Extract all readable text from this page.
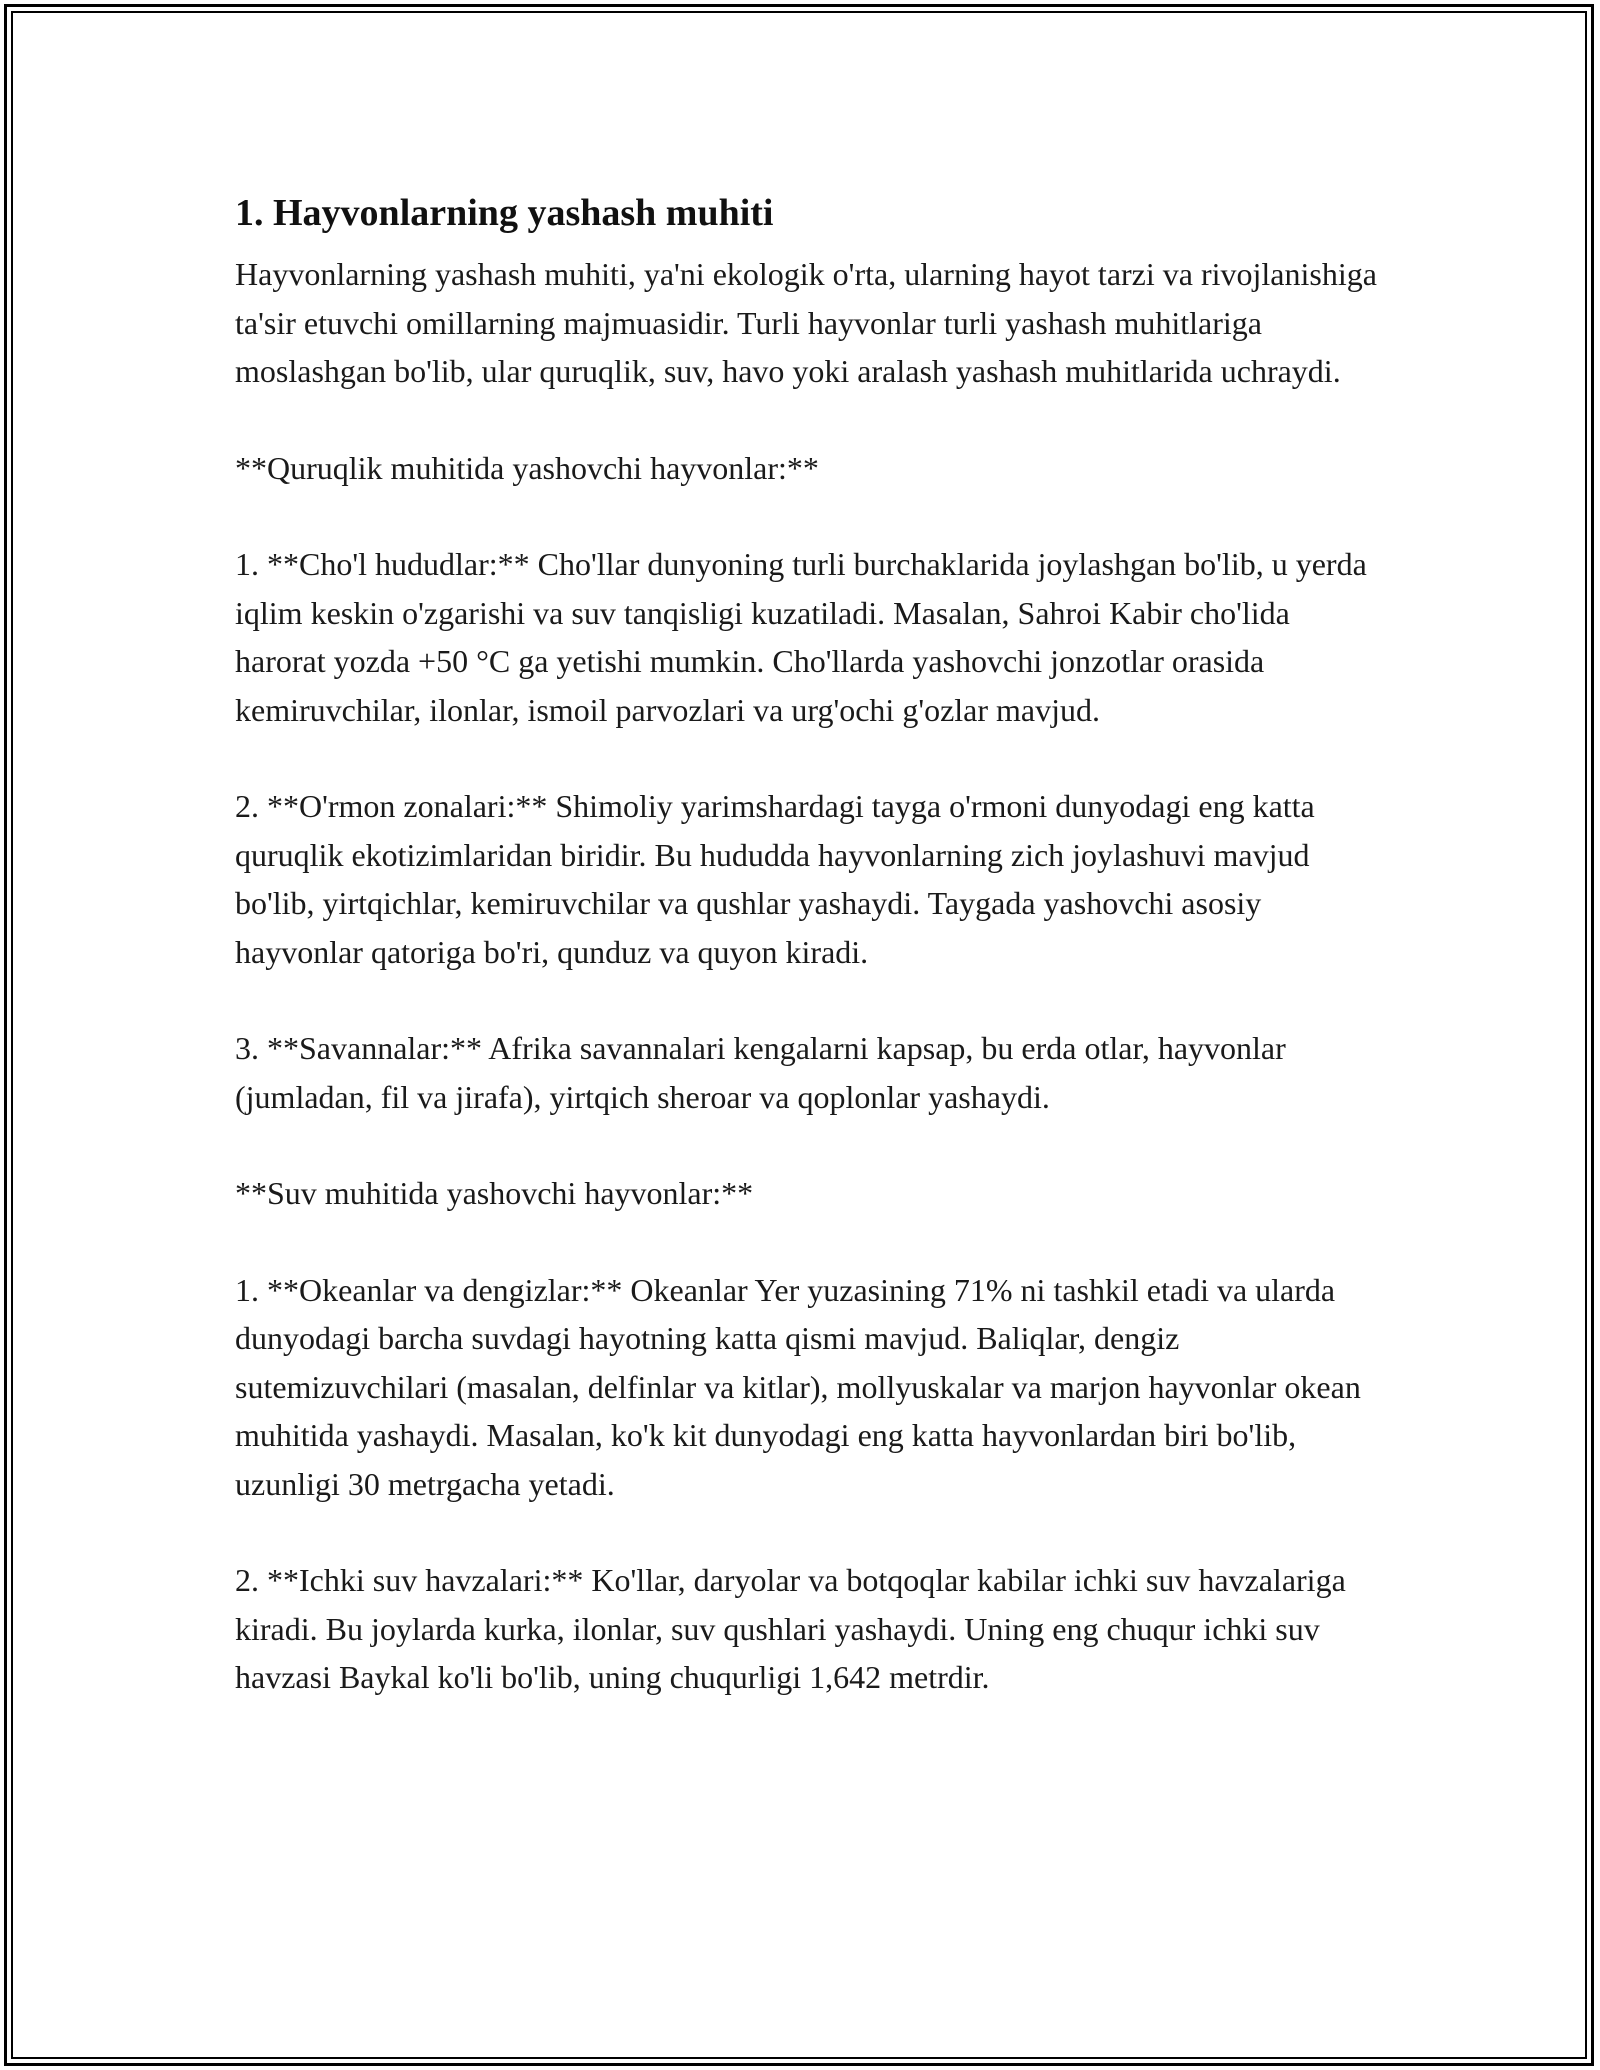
1. Hayvonlarning yashash muhiti

Hayvonlarning yashash muhiti, ya'ni ekologik o'rta, ularning hayot tarzi va rivojlanishiga ta'sir etuvchi omillarning majmuasidir. Turli hayvonlar turli yashash muhitlariga moslashgan bo'lib, ular quruqlik, suv, havo yoki aralash yashash muhitlarida uchraydi.

**Quruqlik muhitida yashovchi hayvonlar:**

1. **Cho'l hududlar:** Cho'llar dunyoning turli burchaklarida joylashgan bo'lib, u yerda iqlim keskin o'zgarishi va suv tanqisligi kuzatiladi. Masalan, Sahroi Kabir cho'lida harorat yozda +50 °C ga yetishi mumkin. Cho'llarda yashovchi jonzotlar orasida kemiruvchilar, ilonlar, ismoil parvozlari va urg'ochi g'ozlar mavjud.

2. **O'rmon zonalari:** Shimoliy yarimshardagi tayga o'rmoni dunyodagi eng katta quruqlik ekotizimlaridan biridir. Bu hududda hayvonlarning zich joylashuvi mavjud bo'lib, yirtqichlar, kemiruvchilar va qushlar yashaydi. Taygada yashovchi asosiy hayvonlar qatoriga bo'ri, qunduz va quyon kiradi.

3. **Savannalar:** Afrika savannalari kengalarni kapsap, bu erda otlar, hayvonlar (jumladan, fil va jirafa), yirtqich sheroar va qoplonlar yashaydi.

**Suv muhitida yashovchi hayvonlar:**

1. **Okeanlar va dengizlar:** Okeanlar Yer yuzasining 71% ni tashkil etadi va ularda dunyodagi barcha suvdagi hayotning katta qismi mavjud. Baliqlar, dengiz sutemizuvchilari (masalan, delfinlar va kitlar), mollyuskalar va marjon hayvonlar okean muhitida yashaydi. Masalan, ko'k kit dunyodagi eng katta hayvonlardan biri bo'lib, uzunligi 30 metrgacha yetadi.

2. **Ichki suv havzalari:** Ko'llar, daryolar va botqoqlar kabilar ichki suv havzalariga kiradi. Bu joylarda kurka, ilonlar, suv qushlari yashaydi. Uning eng chuqur ichki suv havzasi Baykal ko'li bo'lib, uning chuqurligi 1,642 metrdir.
